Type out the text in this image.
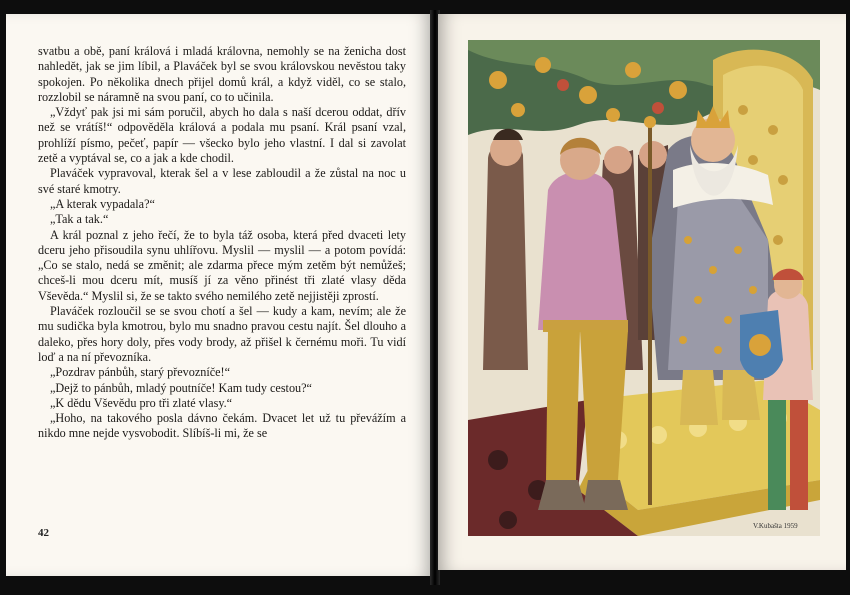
svatbu a obě, paní králová i mladá královna, nemohly se na ženicha dost nahledět, jak se jim líbil, a Plaváček byl se svou královskou nevěstou taky spokojen. Po několika dnech přijel domů král, a když viděl, co se stalo, rozzlobil se náramně na svou paní, co to učinila.

„Vždyť pak jsi mi sám poručil, abych ho dala s naší dcerou oddat, dřív než se vrátíš!“ odpověděla králová a podala mu psaní. Král psaní vzal, prohlíží písmo, pečeť, papír — všecko bylo jeho vlastní. I dal si zavolat zetě a vyptával se, co a jak a kde chodil.

Plaváček vypravoval, kterak šel a v lese zabloudil a že zůstal na noc u své staré kmotry.

„A kterak vypadala?“

„Tak a tak.“

A král poznal z jeho řečí, že to byla táž osoba, která před dvaceti lety dceru jeho přisoudila synu uhlířovu. Myslil — myslil — a potom povídá: „Co se stalo, nedá se změnit; ale zdarma přece mým zetěm být nemůžeš; chceš-li mou dceru mít, musíš jí za věno přinést tři zlaté vlasy děda Vševěda.“ Myslil si, že se takto svého nemilého zetě nejjistěji zprostí.

Plaváček rozloučil se se svou chotí a šel — kudy a kam, nevím; ale že mu sudička byla kmotrou, bylo mu snadno pravou cestu najít. Šel dlouho a daleko, přes hory doly, přes vody brody, až přišel k černému moři. Tu vidí loď a na ní převozníka.

„Pozdrav pánbůh, starý převozníče!“

„Dejž to pánbůh, mladý poutníče! Kam tudy cestou?“

„K dědu Vševědu pro tři zlaté vlasy.“

„Hoho, na takového posla dávno čekám. Dvacet let už tu převážím a nikdo mne nejde vysvobodit. Slíbíš-li mi, že se

42
V.Kubašta 1959
